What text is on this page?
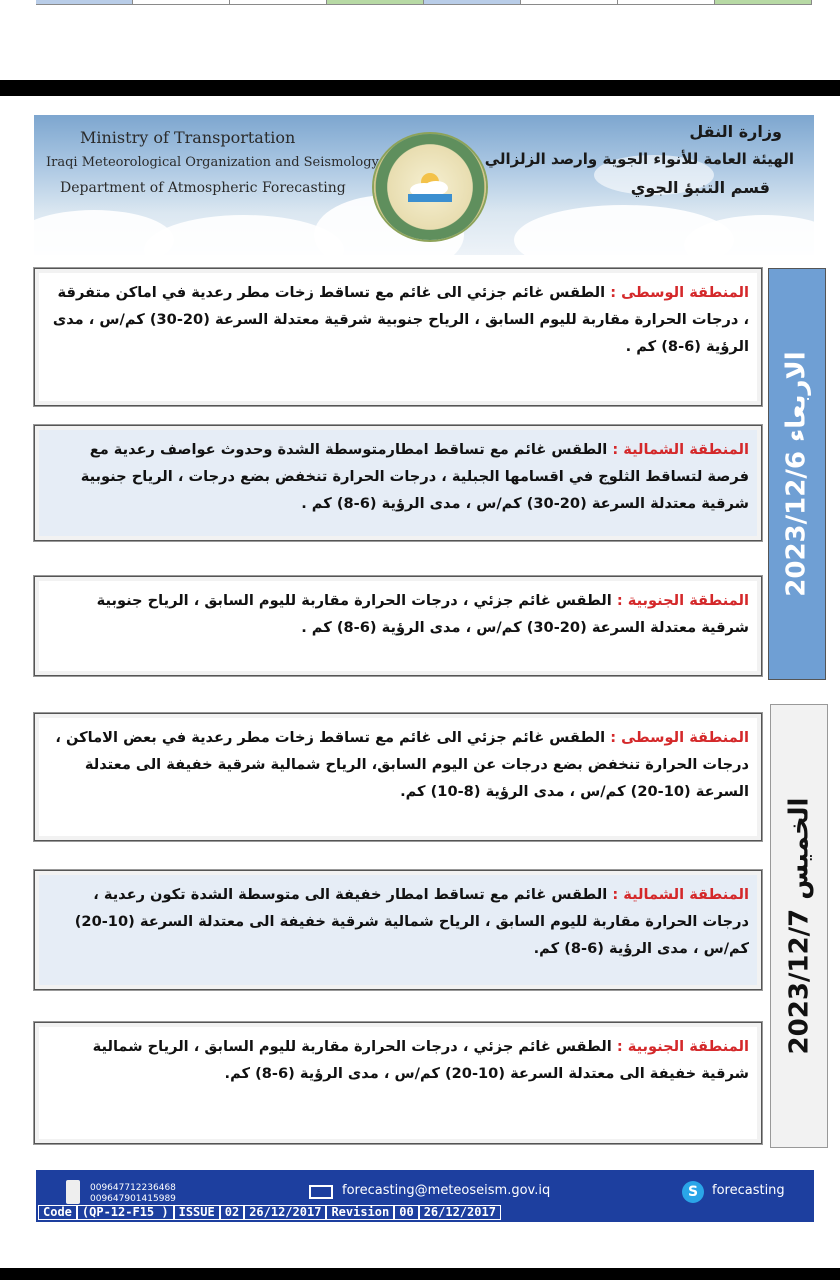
Ministry of Transportation
Iraqi Meteorological Organization and Seismology
Department of Atmospheric Forecasting
وزارة النقل
الهيئة العامة للأنواء الجوية وارصد الزلزالي
قسم التنبؤ الجوي
المنطقة الوسطى : الطقس غائم جزئي الى غائم مع تساقط زخات مطر رعدية في اماكن متفرقة ، درجات الحرارة مقاربة لليوم السابق ، الرياح جنوبية شرقية معتدلة السرعة (20-30) كم/س ، مدى الرؤية (6-8) كم .
المنطقة الشمالية : الطقس غائم مع تساقط امطارمتوسطة الشدة وحدوث عواصف رعدية مع فرصة لتساقط الثلوج في اقسامها الجبلية ، درجات الحرارة تنخفض بضع درجات ، الرياح جنوبية شرقية معتدلة السرعة (20-30) كم/س ، مدى الرؤية (6-8) كم .
المنطقة الجنوبية : الطقس غائم جزئي ، درجات الحرارة مقاربة لليوم السابق ، الرياح جنوبية شرقية معتدلة السرعة (20-30) كم/س ، مدى الرؤية (6-8) كم .
الاربعاء 2023/12/6
المنطقة الوسطى : الطقس غائم جزئي الى غائم مع تساقط زخات مطر رعدية في بعض الاماكن ، درجات الحرارة تنخفض بضع درجات عن اليوم السابق، الرياح شمالية شرقية خفيفة الى معتدلة السرعة (10-20) كم/س ، مدى الرؤية (8-10) كم.
المنطقة الشمالية : الطقس غائم مع تساقط امطار خفيفة الى متوسطة الشدة تكون رعدية ، درجات الحرارة مقاربة لليوم السابق ، الرياح شمالية شرقية خفيفة الى معتدلة السرعة (10-20) كم/س ، مدى الرؤية (6-8) كم.
المنطقة الجنوبية : الطقس غائم جزئي ، درجات الحرارة مقاربة لليوم السابق ، الرياح شمالية شرقية خفيفة الى معتدلة السرعة (10-20) كم/س ، مدى الرؤية (6-8) كم.
الخميس 2023/12/7
009647712236468
009647901415989
forecasting@meteoseism.gov.iq	S	forecasting
Code (QP-12-F15 ) ISSUE 02 26/12/2017 Revision 00 26/12/2017
